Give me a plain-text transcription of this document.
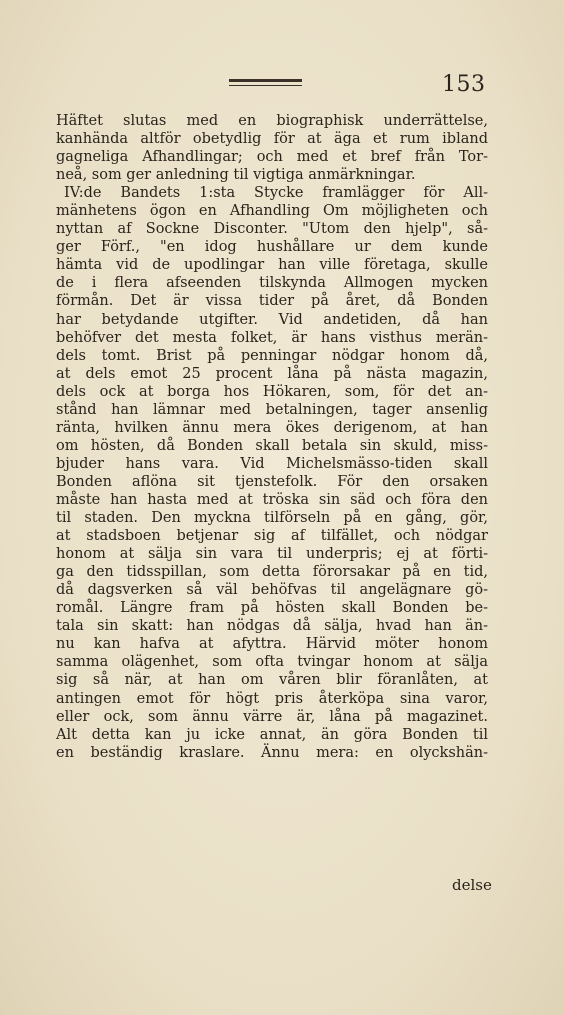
153
Häftet slutas med en biographisk underrättelse,
kanhända altför obetydlig för at äga et rum ibland
gagneliga Afhandlingar; och med et bref från Tor-
neå, som ger anledning til vigtiga anmärkningar.
IV:de Bandets 1:sta Stycke framlägger för All-
mänhetens ögon en Afhandling Om möjligheten och
nyttan af Sockne Disconter. "Utom den hjelp", så-
ger Förf., "en idog hushållare ur dem kunde
hämta vid de upodlingar han ville företaga, skulle
de i flera afseenden tilskynda Allmogen mycken
förmån. Det är vissa tider på året, då Bonden
har betydande utgifter. Vid andetiden, då han
behöfver det mesta folket, är hans visthus merän-
dels tomt. Brist på penningar nödgar honom då,
at dels emot 25 procent låna på nästa magazin,
dels ock at borga hos Hökaren, som, för det an-
stånd han lämnar med betalningen, tager ansenlig
ränta, hvilken ännu mera ökes derigenom, at han
om hösten, då Bonden skall betala sin skuld, miss-
bjuder hans vara. Vid Michelsmässo-tiden skall
Bonden aflöna sit tjenstefolk. För den orsaken
måste han hasta med at tröska sin säd och föra den
til staden. Den myckna tilförseln på en gång, gör,
at stadsboen betjenar sig af tilfället, och nödgar
honom at sälja sin vara til underpris; ej at förti-
ga den tidsspillan, som detta förorsakar på en tid,
då dagsverken så väl behöfvas til angelägnare gö-
romål. Längre fram på hösten skall Bonden be-
tala sin skatt: han nödgas då sälja, hvad han än-
nu kan hafva at afyttra. Härvid möter honom
samma olägenhet, som ofta tvingar honom at sälja
sig så när, at han om våren blir föranlåten, at
antingen emot för högt pris återköpa sina varor,
eller ock, som ännu värre är, låna på magazinet.
Alt detta kan ju icke annat, än göra Bonden til
en beständig kraslare. Ännu mera: en olyckshän-
delse
